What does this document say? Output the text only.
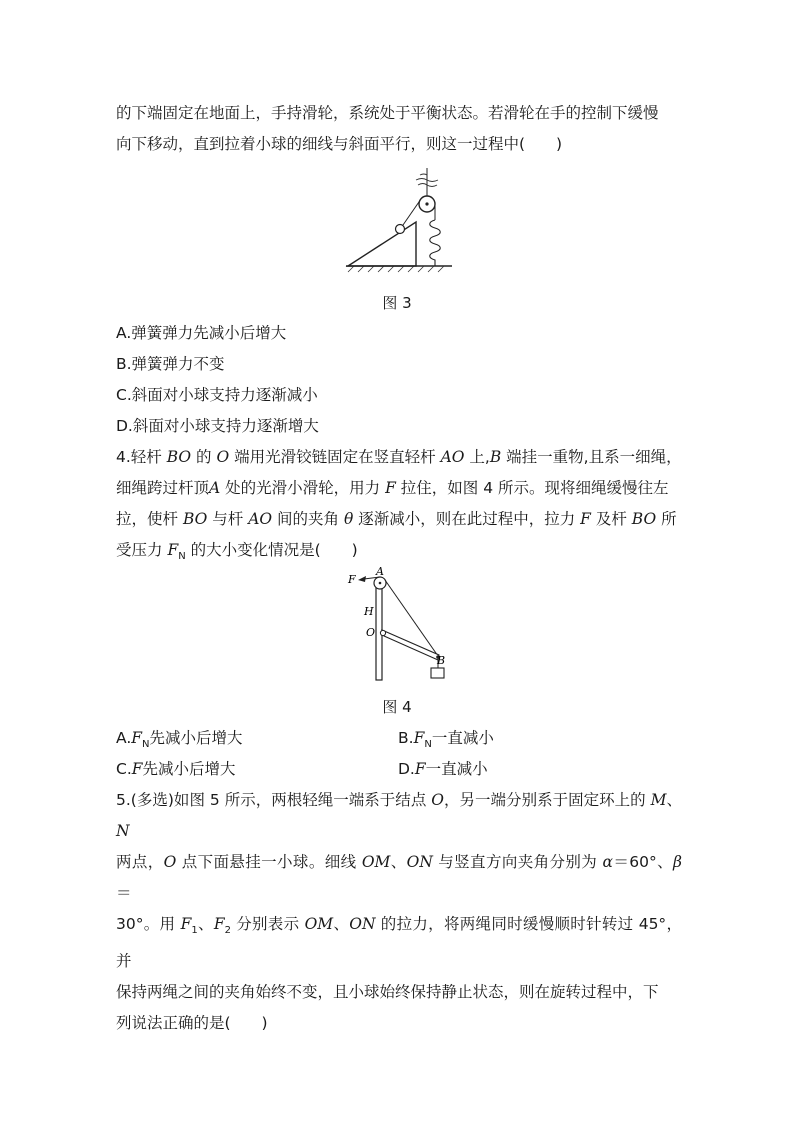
的下端固定在地面上，手持滑轮，系统处于平衡状态。若滑轮在手的控制下缓慢
向下移动，直到拉着小球的细线与斜面平行，则这一过程中(　　)

图 3
A.弹簧弹力先减小后增大
B.弹簧弹力不变
C.斜面对小球支持力逐渐减小
D.斜面对小球支持力逐渐增大

4.轻杆 BO 的 O 端用光滑铰链固定在竖直轻杆 AO 上,B 端挂一重物,且系一细绳，
细绳跨过杆顶A 处的光滑小滑轮，用力 F 拉住，如图 4 所示。现将细绳缓慢往左
拉，使杆 BO 与杆 AO 间的夹角 θ 逐渐减小，则在此过程中，拉力 F 及杆 BO 所
受压力 $F_N$ 的大小变化情况是(　　)

F
A
H
O
B
图 4
$A.F_N$先减小后增大	$B.F_N$一直减小
C.F先减小后增大	D.F一直减小

5.(多选)如图 5 所示，两根轻绳一端系于结点 O，另一端分别系于固定环上的 M、N
两点，O 点下面悬挂一小球。细线 OM、ON 与竖直方向夹角分别为 α＝60°、β＝
30°。用 $F_1$、$F_2$ 分别表示 OM、ON 的拉力，将两绳同时缓慢顺时针转过 45°，并
保持两绳之间的夹角始终不变，且小球始终保持静止状态，则在旋转过程中，下
列说法正确的是(　　)
